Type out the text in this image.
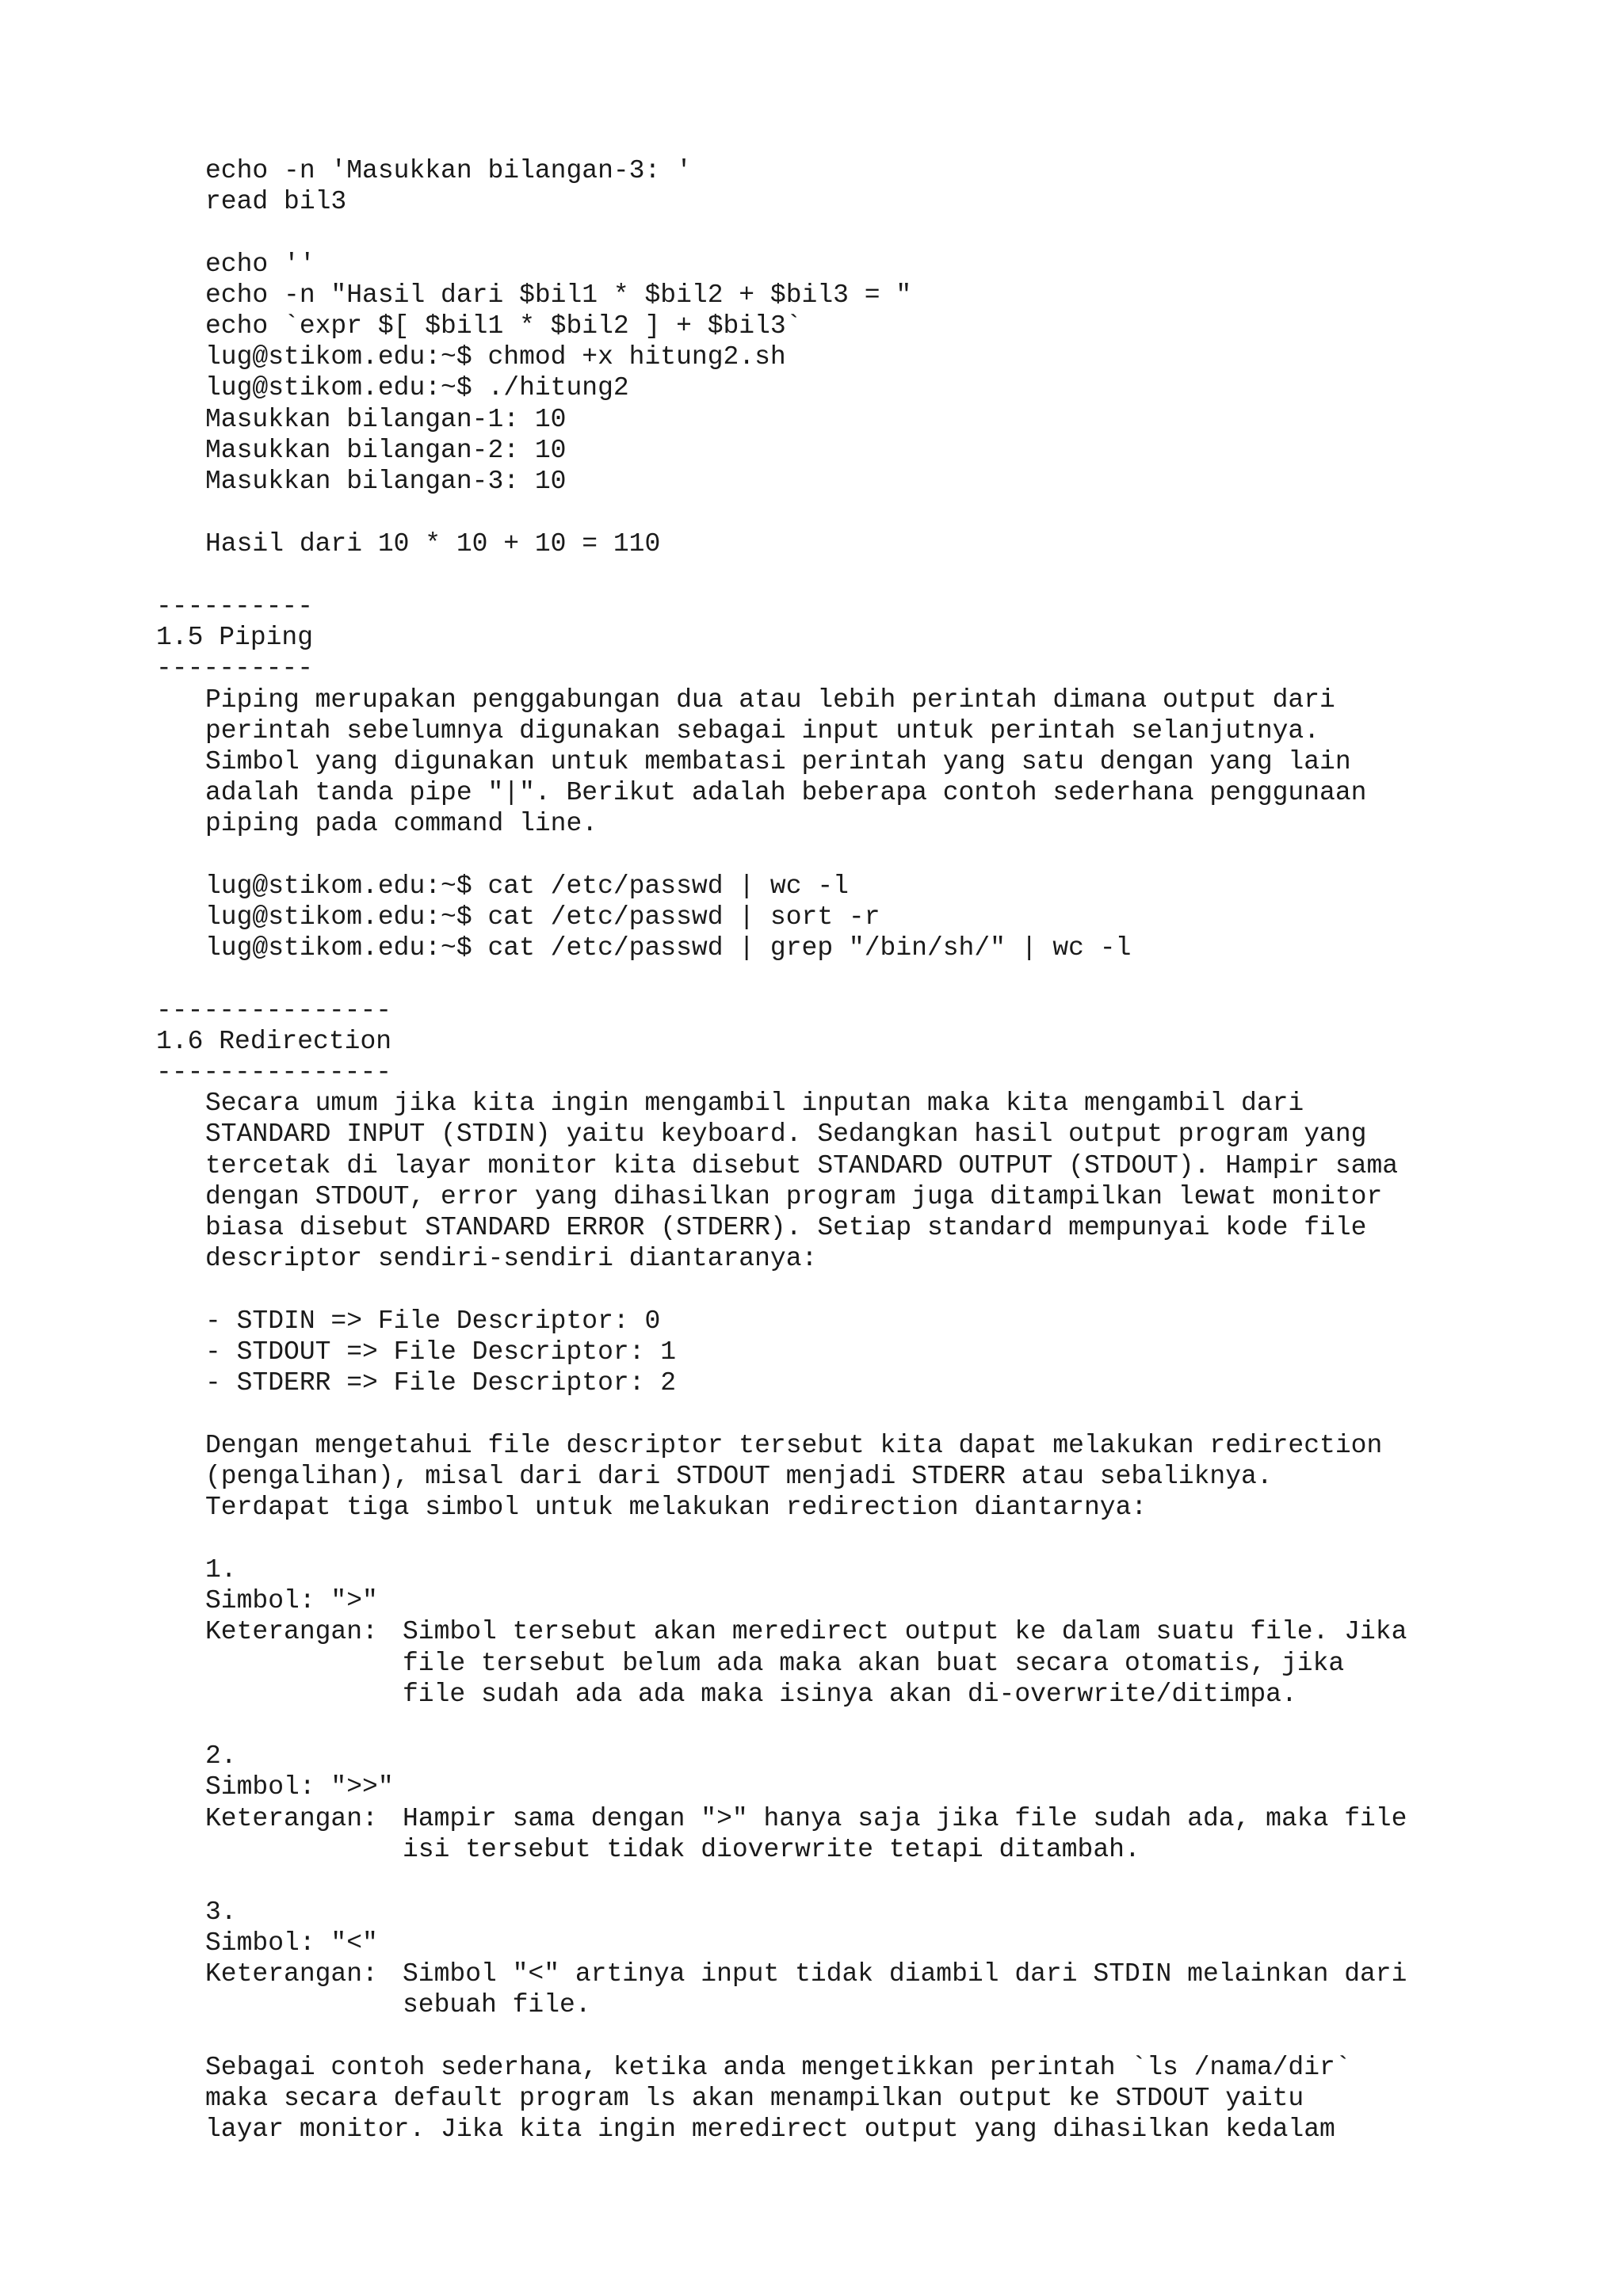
echo -n 'Masukkan bilangan-3: '

read bil3

echo ''

echo -n "Hasil dari $bil1 * $bil2 + $bil3 = "

echo `expr $[ $bil1 * $bil2 ] + $bil3`

lug@stikom.edu:~$ chmod +x hitung2.sh

lug@stikom.edu:~$ ./hitung2

Masukkan bilangan-1: 10

Masukkan bilangan-2: 10

Masukkan bilangan-3: 10

Hasil dari 10 * 10 + 10 = 110

----------

1.5 Piping

----------

Piping merupakan penggabungan dua atau lebih perintah dimana output dari

perintah sebelumnya digunakan sebagai input untuk perintah selanjutnya.

Simbol yang digunakan untuk membatasi perintah yang satu dengan yang lain

adalah tanda pipe "|". Berikut adalah beberapa contoh sederhana penggunaan

piping pada command line.

lug@stikom.edu:~$ cat /etc/passwd | wc -l

lug@stikom.edu:~$ cat /etc/passwd | sort -r

lug@stikom.edu:~$ cat /etc/passwd | grep "/bin/sh/" | wc -l

---------------

1.6 Redirection

---------------

Secara umum jika kita ingin mengambil inputan maka kita mengambil dari

STANDARD INPUT (STDIN) yaitu keyboard. Sedangkan hasil output program yang

tercetak di layar monitor kita disebut STANDARD OUTPUT (STDOUT). Hampir sama

dengan STDOUT, error yang dihasilkan program juga ditampilkan lewat monitor

biasa disebut STANDARD ERROR (STDERR). Setiap standard mempunyai kode file

descriptor sendiri-sendiri diantaranya:

- STDIN => File Descriptor: 0

- STDOUT => File Descriptor: 1

- STDERR => File Descriptor: 2

Dengan mengetahui file descriptor tersebut kita dapat melakukan redirection

(pengalihan), misal dari dari STDOUT menjadi STDERR atau sebaliknya.

Terdapat tiga simbol untuk melakukan redirection diantarnya:

1.

Simbol: ">"

Keterangan: Simbol tersebut akan meredirect output ke dalam suatu file. Jika

file tersebut belum ada maka akan buat secara otomatis, jika

file sudah ada ada maka isinya akan di-overwrite/ditimpa.

2.

Simbol: ">>"

Keterangan: Hampir sama dengan ">" hanya saja jika file sudah ada, maka file

isi tersebut tidak dioverwrite tetapi ditambah.

3.

Simbol: "<"

Keterangan: Simbol "<" artinya input tidak diambil dari STDIN melainkan dari

sebuah file.

Sebagai contoh sederhana, ketika anda mengetikkan perintah `ls /nama/dir`

maka secara default program ls akan menampilkan output ke STDOUT yaitu

layar monitor. Jika kita ingin meredirect output yang dihasilkan kedalam
